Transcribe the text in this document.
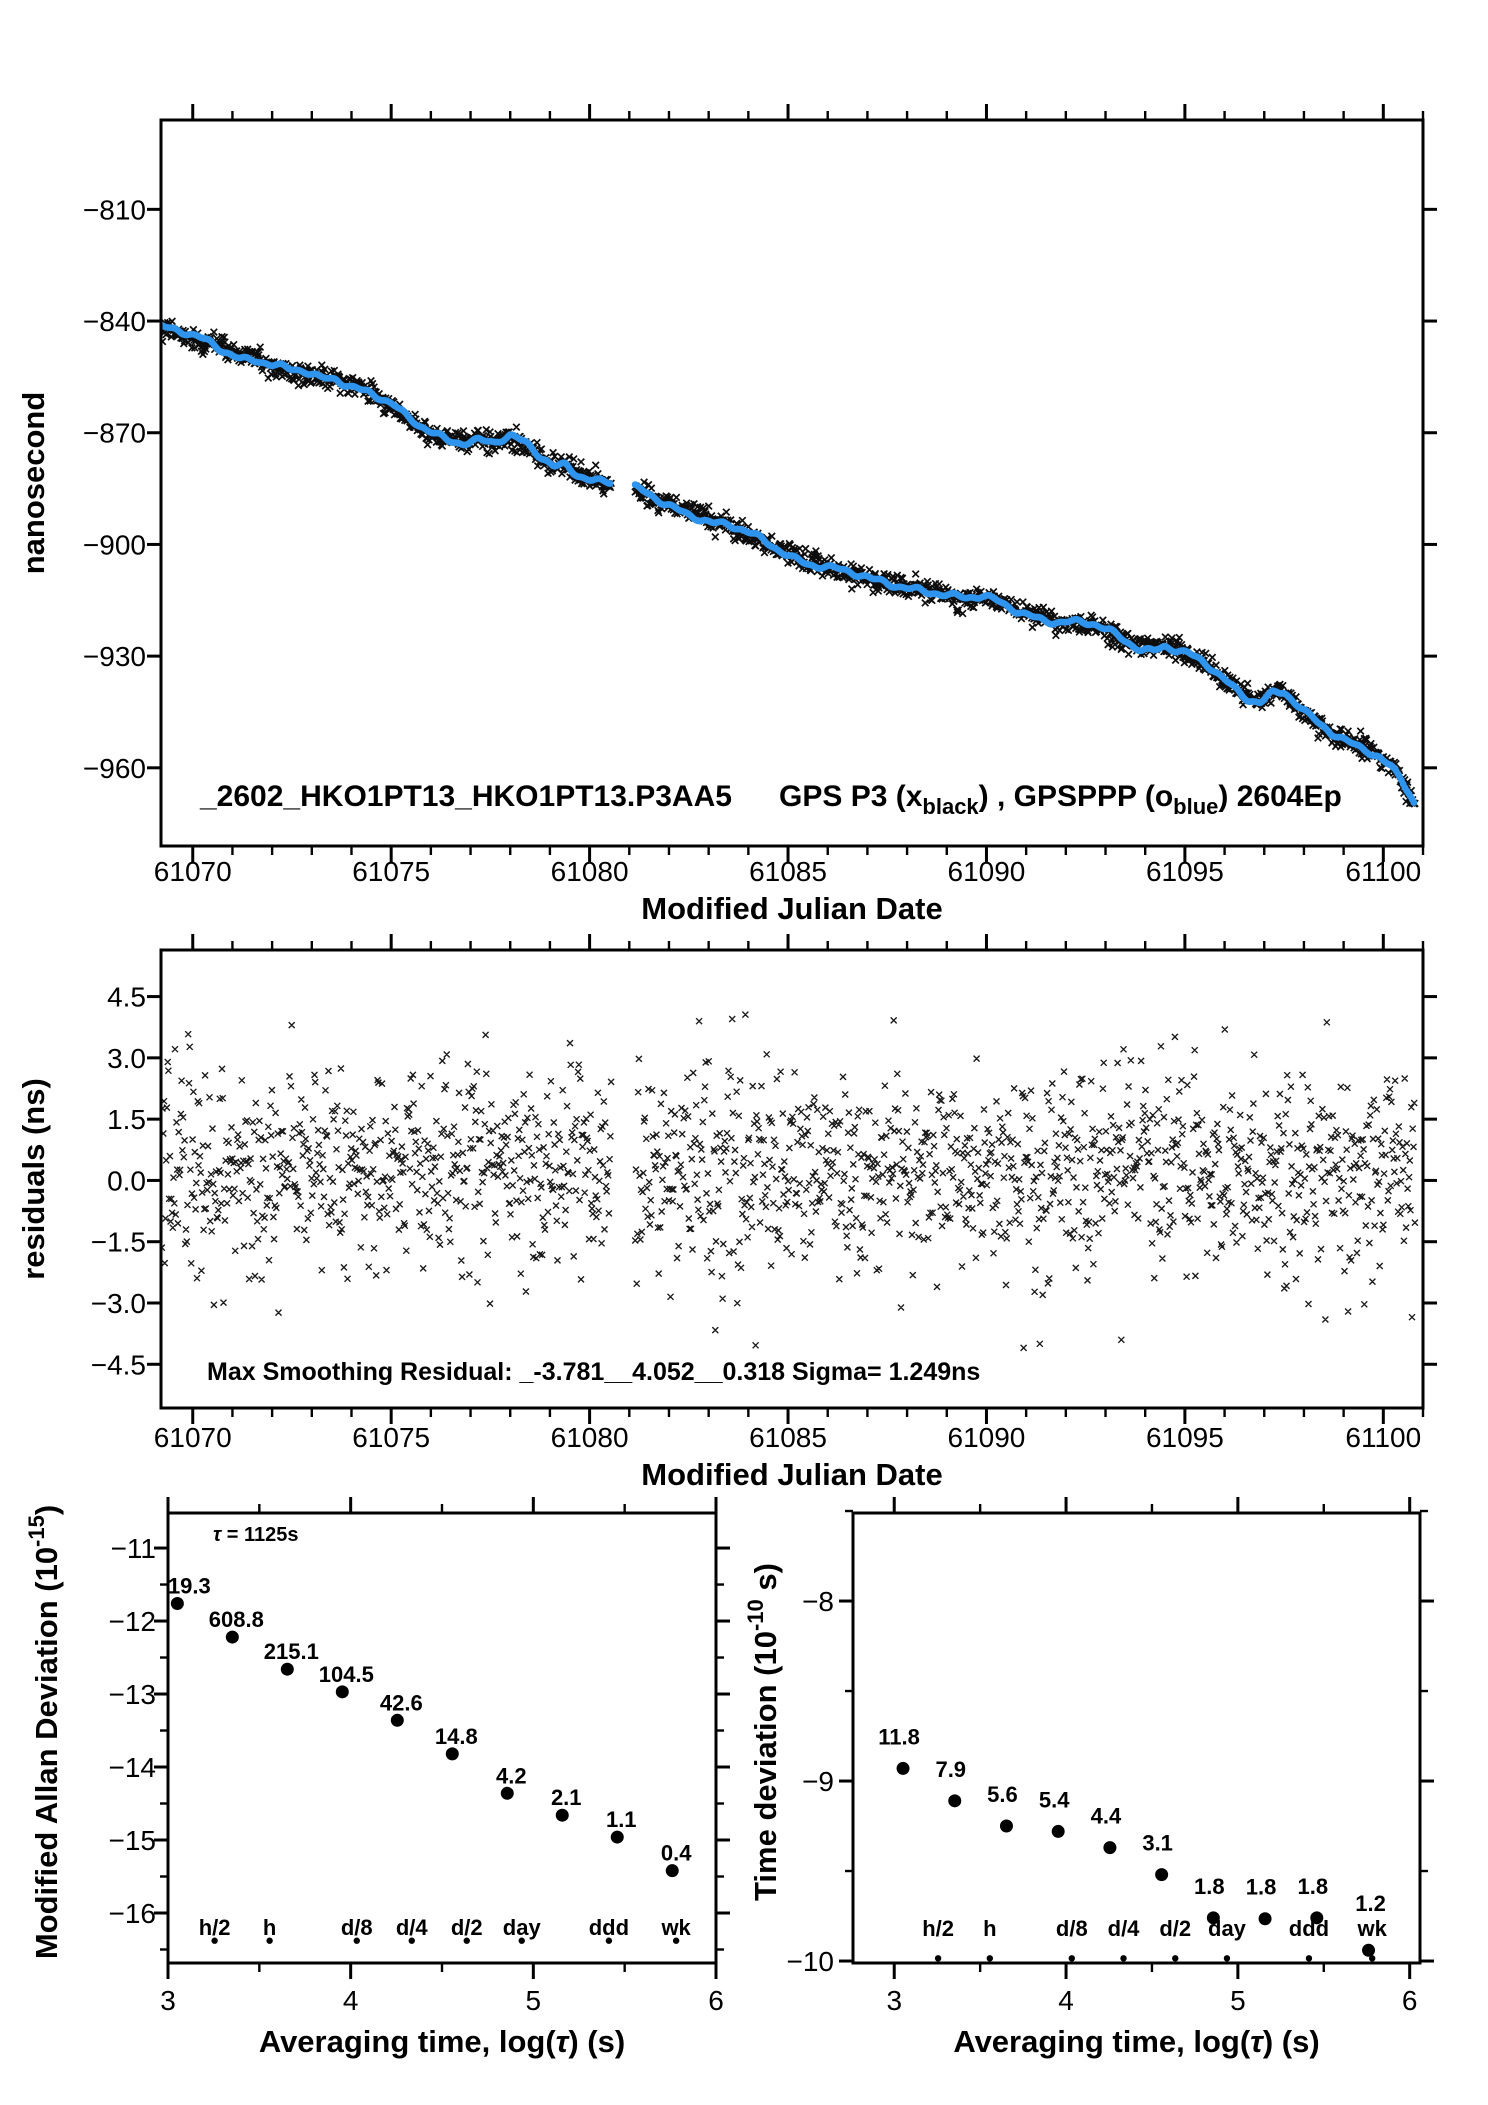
61070	61075	61080	61085	61090	61095	61100
−810
−840
−870
−900
−930
−960
Modified Julian Date
nanosecond
_2602_HKO1PT13_HKO1PT13.P3AA5 GPS P3 $(x_{black})$ , GPSPPP $(o_{blue})$ 2604Ep
61070	61075	61080	61085	61090	61095	61100
4.5
3.0
1.5
0.0
−1.5
−3.0
−4.5
Modified Julian Date
residuals (ns)
Max Smoothing Residual: _-3.781__4.052__0.318 Sigma= 1.249ns
3	4	5	6
−11
−12
−13
−14
−15
−16
Averaging time, log(τ) (s)
Modified Allan Deviation $(10^{-15})$
19.3
608.8
215.1
104.5
42.6
14.8
4.2
2.1
1.1
0.4
h/2 h	d/8 d/4 d/2 day ddd wk
τ = 1125s
3	4	5	6
−8
−9
−10
Averaging time, log(τ) (s)
Time deviation ($10^{-10}$ s)
11.8
7.9
5.6 5.4
4.4
3.1
1.8 1.8 1.8
1.2
h/2 h	d/8 d/4 d/2 day ddd wk
